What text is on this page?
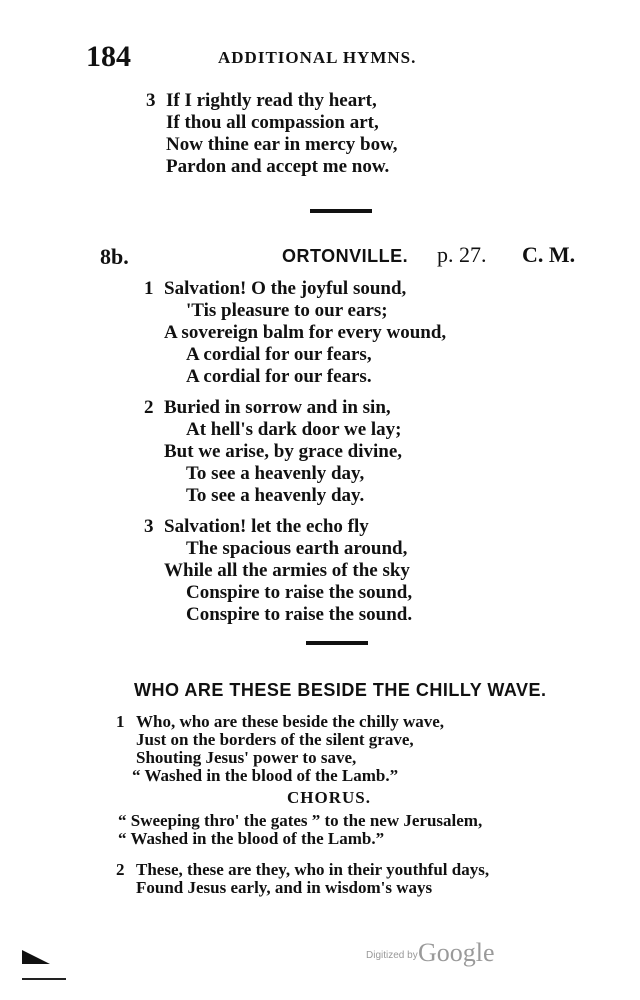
184	ADDITIONAL HYMNS.
3 If I rightly read thy heart,
If thou all compassion art,
Now thine ear in mercy bow,
Pardon and accept me now.
8b.	ORTONVILLE. p. 27. C. M.
1 Salvation! O the joyful sound,
'Tis pleasure to our ears;
A sovereign balm for every wound,
A cordial for our fears,
A cordial for our fears.
2 Buried in sorrow and in sin,
At hell's dark door we lay;
But we arise, by grace divine,
To see a heavenly day,
To see a heavenly day.
3 Salvation! let the echo fly
The spacious earth around,
While all the armies of the sky
Conspire to raise the sound,
Conspire to raise the sound.
WHO ARE THESE BESIDE THE CHILLY WAVE.
1 Who, who are these beside the chilly wave,
Just on the borders of the silent grave,
Shouting Jesus' power to save,
“ Washed in the blood of the Lamb.”
CHORUS.
“ Sweeping thro' the gates ” to the new Jerusalem,
“ Washed in the blood of the Lamb.”
2 These, these are they, who in their youthful days,
Found Jesus early, and in wisdom's ways
Digitized by Google
